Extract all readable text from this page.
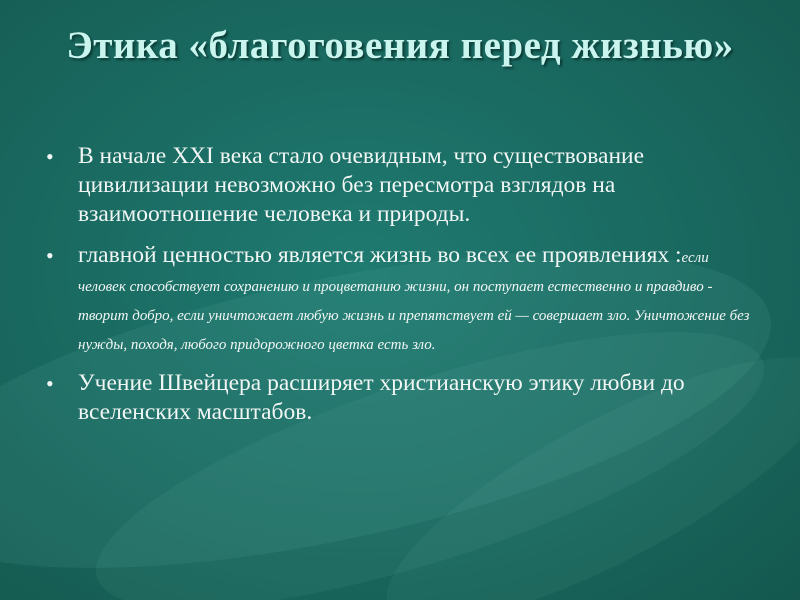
Этика «благоговения перед жизнью»
• В начале XXI века стало очевидным, что существование цивилизации невозможно без пересмотра взглядов на взаимоотношение человека и природы.
• главной ценностью является жизнь во всех ее проявлениях :если человек способствует сохранению и процветанию жизни, он поступает естественно и правдиво - творит добро, если уничтожает любую жизнь и препятствует ей — совершает зло. Уничтожение без нужды, походя, любого придорожного цветка есть зло.
• Учение Швейцера расширяет христианскую этику любви до вселенских масштабов.
